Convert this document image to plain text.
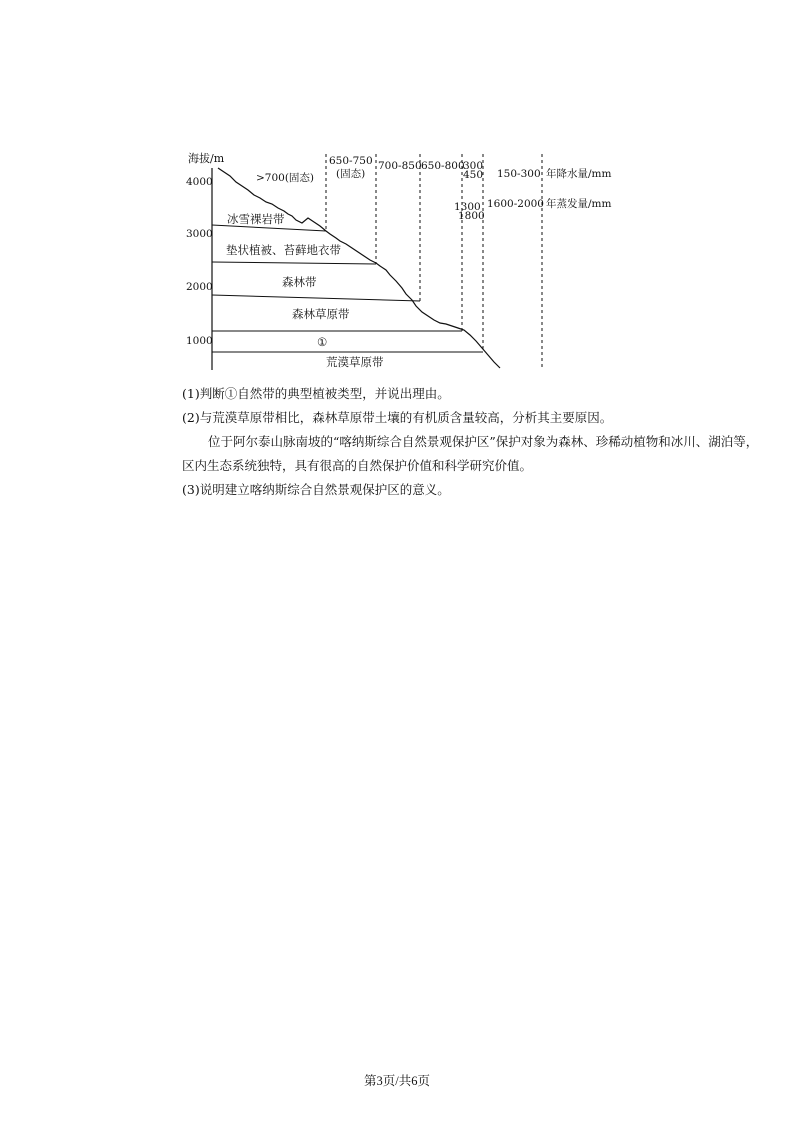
海拔/m
4000
3000
2000
1000
冰雪裸岩带
垫状植被、苔藓地衣带
森林带
森林草原带
①
荒漠草原带
>700(固态)
650-750
(固态)
700-850 650-800
300
450 150-300 年降水量/mm
1300
1800
1600-2000 年蒸发量/mm
(1)判断①自然带的典型植被类型，并说出理由。
(2)与荒漠草原带相比，森林草原带土壤的有机质含量较高，分析其主要原因。
位于阿尔泰山脉南坡的“喀纳斯综合自然景观保护区”保护对象为森林、珍稀动植物和冰川、湖泊等，区内生态系统独特，具有很高的自然保护价值和科学研究价值。
(3)说明建立喀纳斯综合自然景观保护区的意义。
第3页/共6页
